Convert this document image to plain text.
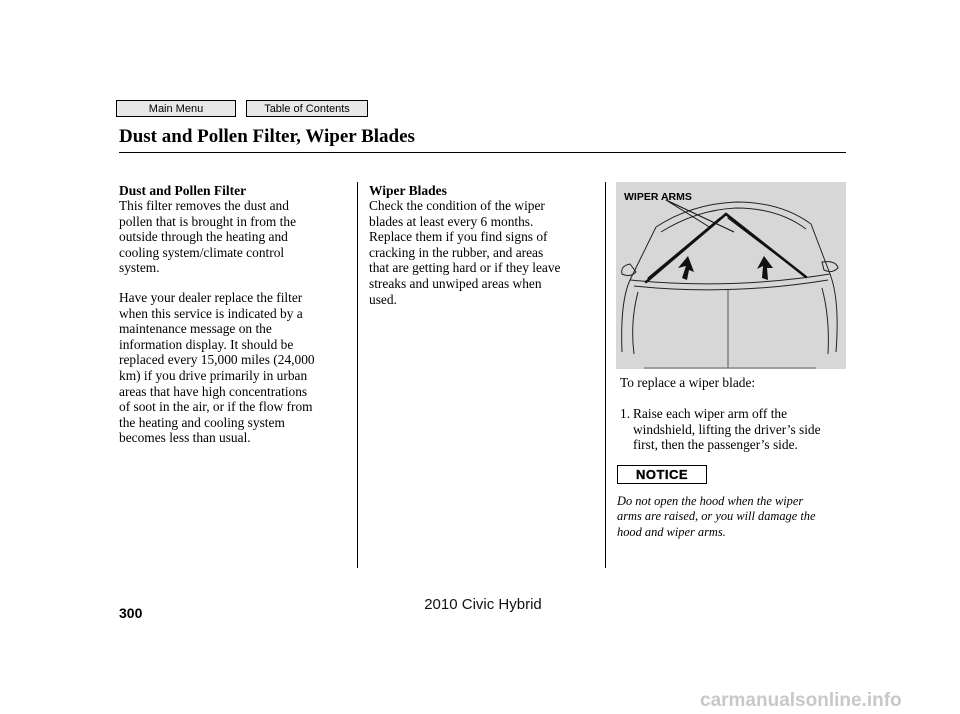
Main Menu	Table of Contents
Dust and Pollen Filter, Wiper Blades
Dust and Pollen Filter
This filter removes the dust and
pollen that is brought in from the
outside through the heating and
cooling system/climate control
system.
Have your dealer replace the filter
when this service is indicated by a
maintenance message on the
information display. It should be
replaced every 15,000 miles (24,000
km) if you drive primarily in urban
areas that have high concentrations
of soot in the air, or if the flow from
the heating and cooling system
becomes less than usual.
Wiper Blades
Check the condition of the wiper
blades at least every 6 months.
Replace them if you find signs of
cracking in the rubber, and areas
that are getting hard or if they leave
streaks and unwiped areas when
used.
WIPER ARMS
To replace a wiper blade:
1. Raise each wiper arm off the
windshield, lifting the driver’s side
first, then the passenger’s side.
NOTICE
Do not open the hood when the wiper
arms are raised, or you will damage the
hood and wiper arms.
300	2010 Civic Hybrid
carmanualsonline.info
